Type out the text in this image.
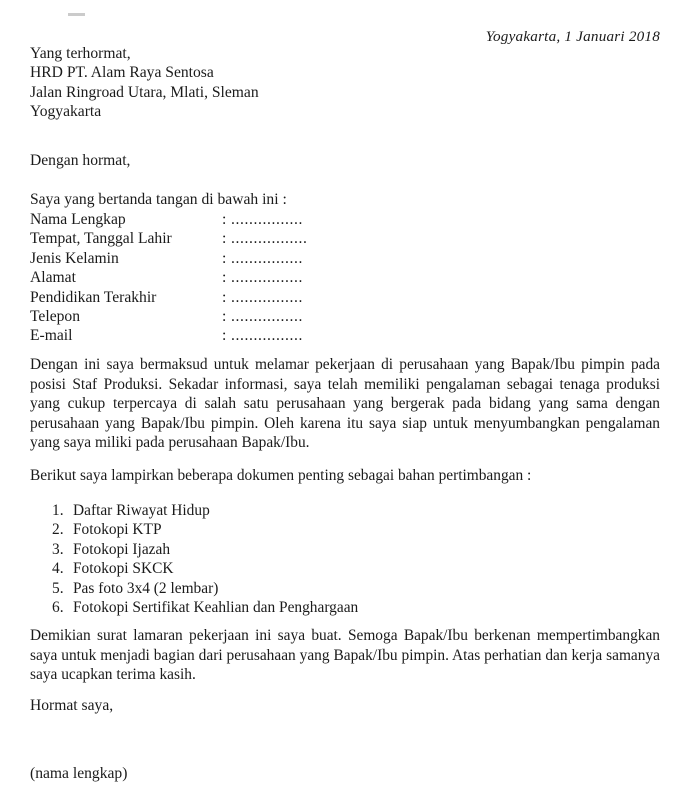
Yogyakarta, 1 Januari 2018
Yang terhormat,
HRD PT. Alam Raya Sentosa
Jalan Ringroad Utara, Mlati, Sleman
Yogyakarta
Dengan hormat,
Saya yang bertanda tangan di bawah ini :
Nama Lengkap	: ................
Tempat, Tanggal Lahir	: .................
Jenis Kelamin	: ................
Alamat	: ................
Pendidikan Terakhir	: ................
Telepon	: ................
E-mail	: ................
Dengan ini saya bermaksud untuk melamar pekerjaan di perusahaan yang Bapak/Ibu pimpin pada posisi Staf Produksi. Sekadar informasi, saya telah memiliki pengalaman sebagai tenaga produksi yang cukup terpercaya di salah satu perusahaan yang bergerak pada bidang yang sama dengan perusahaan yang Bapak/Ibu pimpin. Oleh karena itu saya siap untuk menyumbangkan pengalaman yang saya miliki pada perusahaan Bapak/Ibu.
Berikut saya lampirkan beberapa dokumen penting sebagai bahan pertimbangan :
1. Daftar Riwayat Hidup
2. Fotokopi KTP
3. Fotokopi Ijazah
4. Fotokopi SKCK
5. Pas foto 3x4 (2 lembar)
6. Fotokopi Sertifikat Keahlian dan Penghargaan
Demikian surat lamaran pekerjaan ini saya buat. Semoga Bapak/Ibu berkenan mempertimbangkan saya untuk menjadi bagian dari perusahaan yang Bapak/Ibu pimpin. Atas perhatian dan kerja samanya saya ucapkan terima kasih.
Hormat saya,
(nama lengkap)
